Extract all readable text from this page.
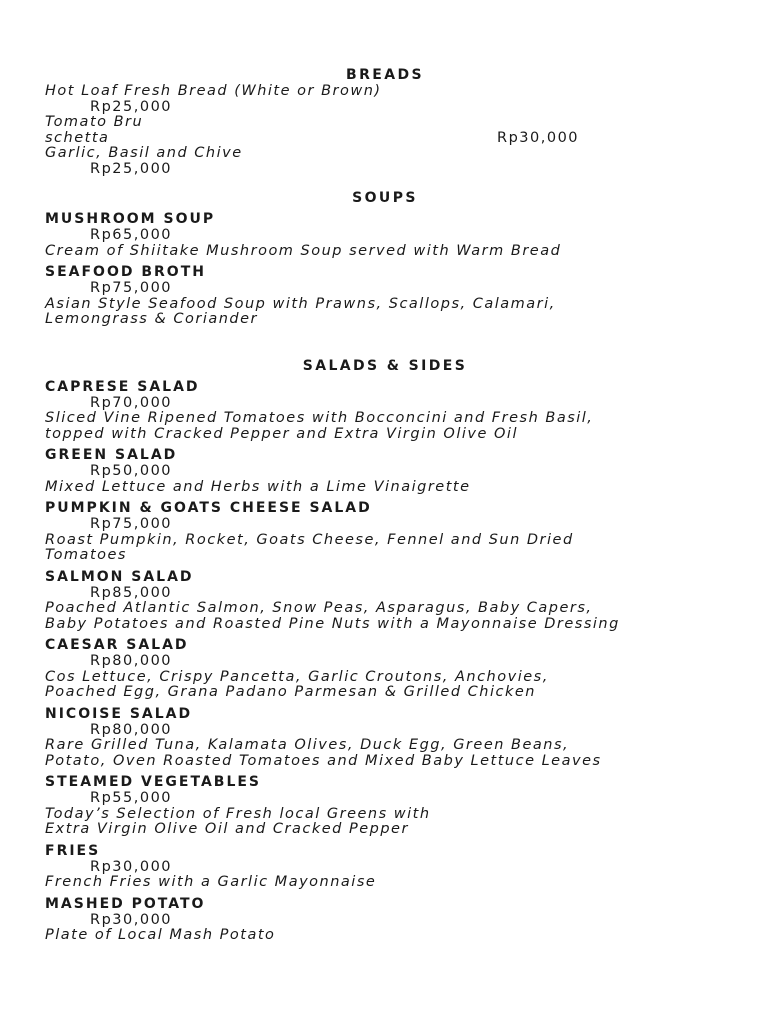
BREADS
Hot Loaf Fresh Bread (White or Brown)
Rp25,000
Tomato Bru
schetta	Rp30,000
Garlic, Basil and Chive
Rp25,000
SOUPS
MUSHROOM SOUP
Rp65,000
Cream of Shiitake Mushroom Soup served with Warm Bread
SEAFOOD BROTH
Rp75,000
Asian Style Seafood Soup with Prawns, Scallops, Calamari,
Lemongrass & Coriander
SALADS & SIDES
CAPRESE SALAD
Rp70,000
Sliced Vine Ripened Tomatoes with Bocconcini and Fresh Basil,
topped with Cracked Pepper and Extra Virgin Olive Oil
GREEN SALAD
Rp50,000
Mixed Lettuce and Herbs with a Lime Vinaigrette
PUMPKIN & GOATS CHEESE SALAD
Rp75,000
Roast Pumpkin, Rocket, Goats Cheese, Fennel and Sun Dried
Tomatoes
SALMON SALAD
Rp85,000
Poached Atlantic Salmon, Snow Peas, Asparagus, Baby Capers,
Baby Potatoes and Roasted Pine Nuts with a Mayonnaise Dressing
CAESAR SALAD
Rp80,000
Cos Lettuce, Crispy Pancetta, Garlic Croutons, Anchovies,
Poached Egg, Grana Padano Parmesan & Grilled Chicken
NICOISE SALAD
Rp80,000
Rare Grilled Tuna, Kalamata Olives, Duck Egg, Green Beans,
Potato, Oven Roasted Tomatoes and Mixed Baby Lettuce Leaves
STEAMED VEGETABLES
Rp55,000
Today’s Selection of Fresh local Greens with
Extra Virgin Olive Oil and Cracked Pepper
FRIES
Rp30,000
French Fries with a Garlic Mayonnaise
MASHED POTATO
Rp30,000
Plate of Local Mash Potato
